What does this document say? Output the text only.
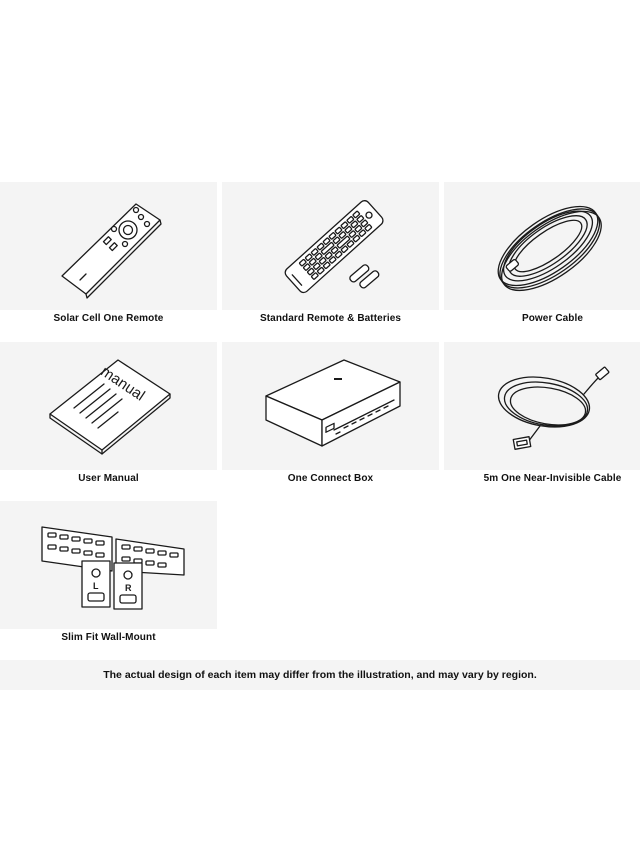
Solar Cell One Remote	Standard Remote & Batteries	Power Cable
manual
User Manual	One Connect Box	5m One Near-Invisible Cable
L	R
Slim Fit Wall-Mount
The actual design of each item may differ from the illustration, and may vary by region.
